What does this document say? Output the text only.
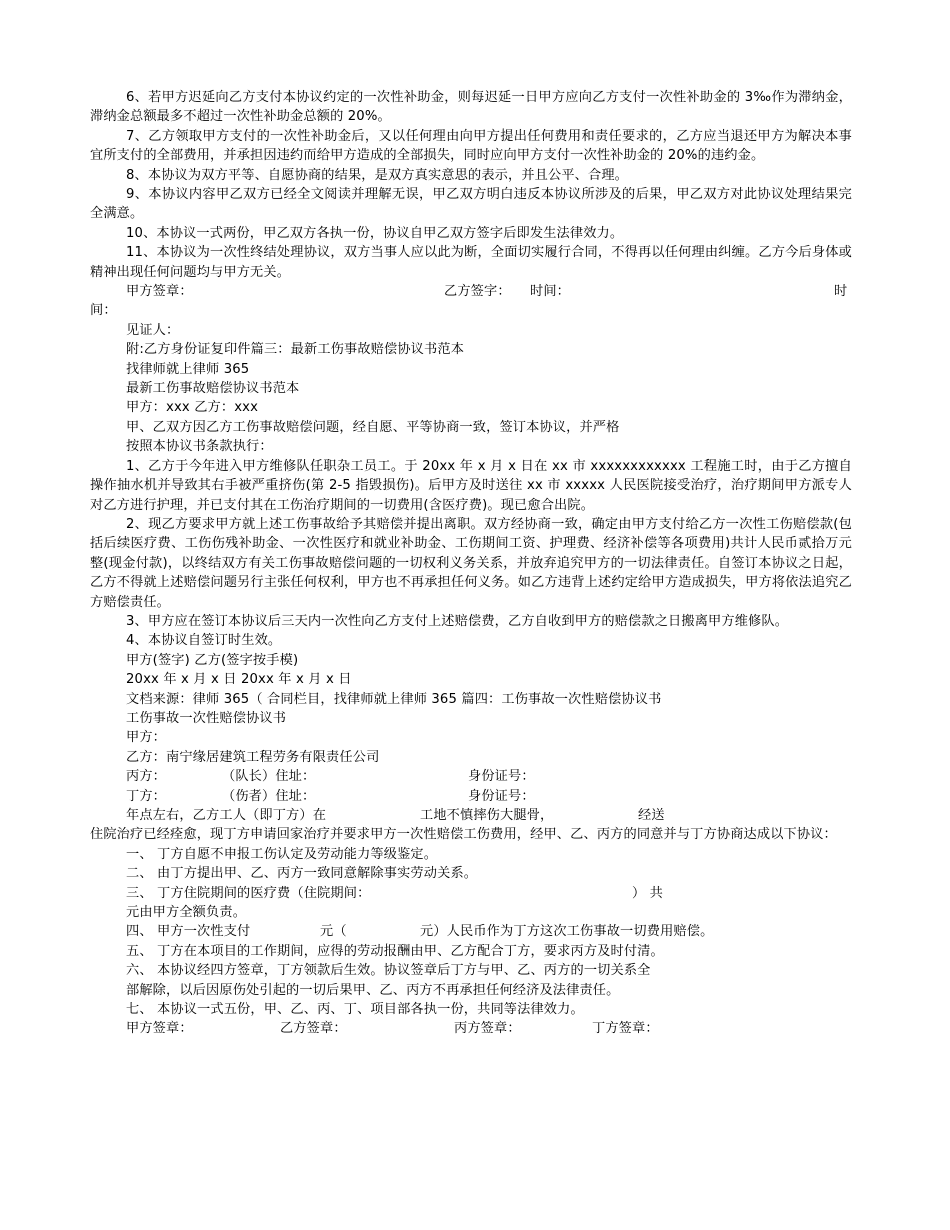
6、若甲方迟延向乙方支付本协议约定的一次性补助金，则每迟延一日甲方应向乙方支付一次性补助金的 3‰作为滞纳金，滞纳金总额最多不超过一次性补助金总额的 20%。

7、乙方领取甲方支付的一次性补助金后，又以任何理由向甲方提出任何费用和责任要求的，乙方应当退还甲方为解决本事宜所支付的全部费用，并承担因违约而给甲方造成的全部损失，同时应向甲方支付一次性补助金的 20%的违约金。

8、本协议为双方平等、自愿协商的结果，是双方真实意思的表示，并且公平、合理。

9、本协议内容甲乙双方已经全文阅读并理解无误，甲乙双方明白违反本协议所涉及的后果，甲乙双方对此协议处理结果完全满意。

10、本协议一式两份，甲乙双方各执一份，协议自甲乙双方签字后即发生法律效力。

11、本协议为一次性终结处理协议，双方当事人应以此为断，全面切实履行合同，不得再以任何理由纠缠。乙方今后身体或精神出现任何问题均与甲方无关。

甲方签章：	乙方签字： 时间：	时

间：

见证人：

附:乙方身份证复印件篇三：最新工伤事故赔偿协议书范本

找律师就上律师 365

最新工伤事故赔偿协议书范本

甲方：xxx 乙方：xxx

甲、乙双方因乙方工伤事故赔偿问题，经自愿、平等协商一致，签订本协议，并严格

按照本协议书条款执行：

1、乙方于今年进入甲方维修队任职杂工员工。于 20xx 年 x 月 x 日在 xx 市 xxxxxxxxxxxx 工程施工时，由于乙方擅自操作抽水机并导致其右手被严重挤伤(第 2-5 指毁损伤)。后甲方及时送往 xx 市 xxxxx 人民医院接受治疗，治疗期间甲方派专人对乙方进行护理，并已支付其在工伤治疗期间的一切费用(含医疗费)。现已愈合出院。

2、现乙方要求甲方就上述工伤事故给予其赔偿并提出离职。双方经协商一致，确定由甲方支付给乙方一次性工伤赔偿款(包括后续医疗费、工伤伤残补助金、一次性医疗和就业补助金、工伤期间工资、护理费、经济补偿等各项费用)共计人民币贰拾万元整(现金付款)，以终结双方有关工伤事故赔偿问题的一切权利义务关系，并放弃追究甲方的一切法律责任。自签订本协议之日起，乙方不得就上述赔偿问题另行主张任何权利，甲方也不再承担任何义务。如乙方违背上述约定给甲方造成损失，甲方将依法追究乙方赔偿责任。

3、甲方应在签订本协议后三天内一次性向乙方支付上述赔偿费，乙方自收到甲方的赔偿款之日搬离甲方维修队。

4、本协议自签订时生效。

甲方(签字) 乙方(签字按手模)

20xx 年 x 月 x 日 20xx 年 x 月 x 日

文档来源：律师 365（ 合同栏目，找律师就上律师 365 篇四：工伤事故一次性赔偿协议书

工伤事故一次性赔偿协议书

甲方：

乙方：南宁缘居建筑工程劳务有限责任公司

丙方：	（队长）住址：	身份证号：
丁方：	（伤者）住址：	身份证号：
年点左右，乙方工人（即丁方）在	工地不慎摔伤大腿骨，	经送

住院治疗已经痊愈，现丁方申请回家治疗并要求甲方一次性赔偿工伤费用，经甲、乙、丙方的同意并与丁方协商达成以下协议：

一、 丁方自愿不申报工伤认定及劳动能力等级鉴定。

二、 由丁方提出甲、乙、丙方一致同意解除事实劳动关系。

三、 丁方住院期间的医疗费（住院期间：	） 共

元由甲方全额负责。

四、 甲方一次性支付	元（	元）人民币作为丁方这次工伤事故一切费用赔偿。

五、 丁方在本项目的工作期间，应得的劳动报酬由甲、乙方配合丁方，要求丙方及时付清。

六、 本协议经四方签章，丁方领款后生效。协议签章后丁方与甲、乙、丙方的一切关系全

部解除，以后因原伤处引起的一切后果甲、乙、丙方不再承担任何经济及法律责任。

七、 本协议一式五份，甲、乙、丙、丁、项目部各执一份，共同等法律效力。

甲方签章：	乙方签章：	丙方签章：	丁方签章：
